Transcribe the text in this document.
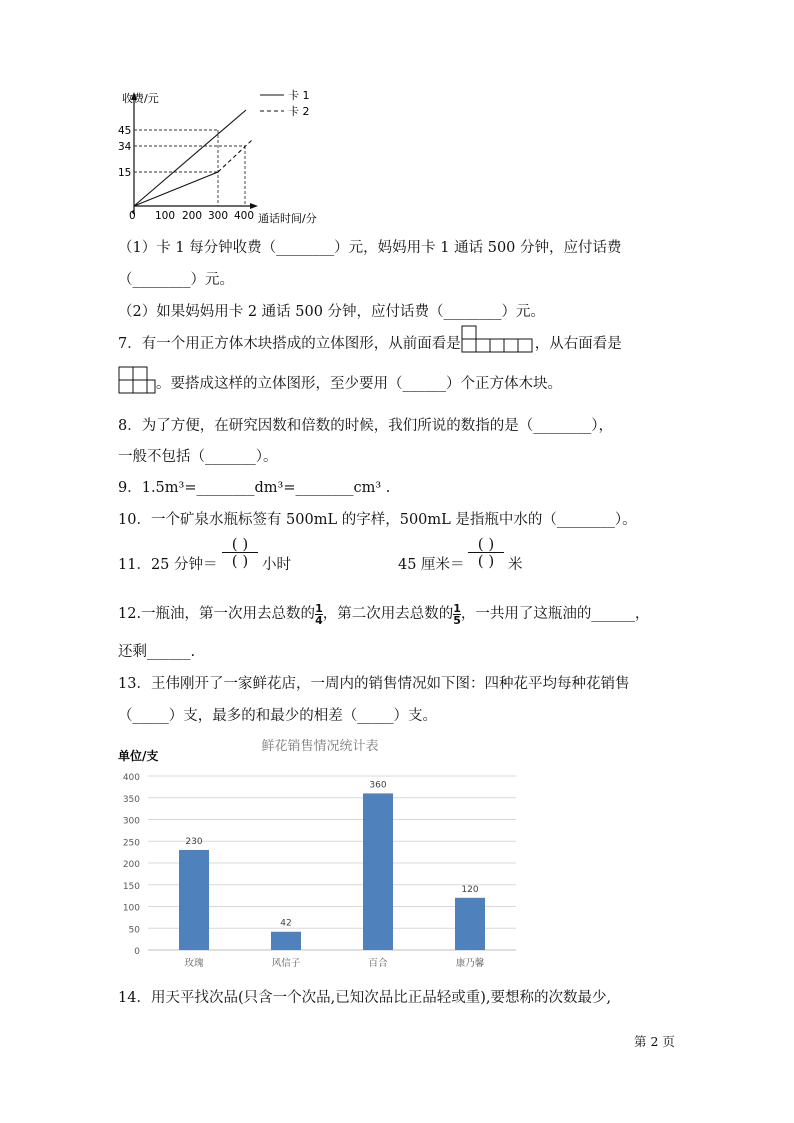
收费/元
通话时间/分
45
34
15
0 100 200 300 400
卡 1
卡 2
（1）卡 1 每分钟收费（________）元，妈妈用卡 1 通话 500 分钟，应付话费
（________）元。
（2）如果妈妈用卡 2 通话 500 分钟，应付话费（________）元。
7．有一个用正方体木块搭成的立体图形，从前面看是	，从右面看是
。要搭成这样的立体图形，至少要用（______）个正方体木块。
8．为了方便，在研究因数和倍数的时候，我们所说的数指的是（________），
一般不包括（_______）。
9．1.5m³=________dm³=________cm³ .
10．一个矿泉水瓶标签有 500mL 的字样，500mL 是指瓶中水的（________）。
11．25 分钟＝
( )
( ) 小时	45 厘米＝
( )
( ) 米
12.一瓶油，第一次用去总数的 $\frac{1}{4}$ ，第二次用去总数的 $\frac{1}{5}$ ，一共用了这瓶油的______，
还剩______.
13．王伟刚开了一家鲜花店，一周内的销售情况如下图：四种花平均每种花销售
（_____）支，最多的和最少的相差（_____）支。
单位/支
鲜花销售情况统计表
0
50
100
150
200
250
300
350
400
230
玫瑰
42
风信子
360
百合
120
康乃馨
14．用天平找次品(只含一个次品,已知次品比正品轻或重),要想称的次数最少,
第 2 页
